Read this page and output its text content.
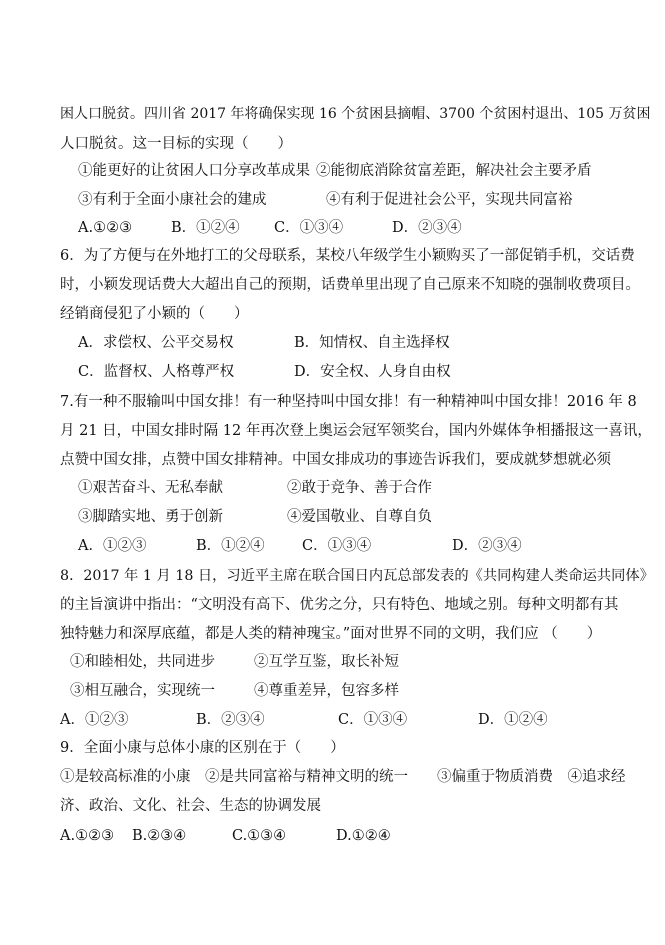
困人口脱贫。四川省 2017 年将确保实现 16 个贫困县摘帽、3700 个贫困村退出、105 万贫困
人口脱贫。这一目标的实现（　　）
①能更好的让贫困人口分享改革成果 ②能彻底消除贫富差距，解决社会主要矛盾
③有利于全面小康社会的建成	④有利于促进社会公平，实现共同富裕
A.①②③	B．①②④ C．①③④	D．②③④
6．为了方便与在外地打工的父母联系，某校八年级学生小颖购买了一部促销手机，交话费
时，小颖发现话费大大超出自己的预期，话费单里出现了自己原来不知晓的强制收费项目。
经销商侵犯了小颖的（　　）
A．求偿权、公平交易权	B．知情权、自主选择权
C．监督权、人格尊严权	D．安全权、人身自由权
7.有一种不服输叫中国女排！有一种坚持叫中国女排！有一种精神叫中国女排！2016 年 8
月 21 日，中国女排时隔 12 年再次登上奥运会冠军领奖台，国内外媒体争相播报这一喜讯，
点赞中国女排，点赞中国女排精神。中国女排成功的事迹告诉我们，要成就梦想就必须
①艰苦奋斗、无私奉献	②敢于竞争、善于合作
③脚踏实地、勇于创新	④爱国敬业、自尊自负
A．①②③	B．①②④	C．①③④	D．②③④
8．2017 年 1 月 18 日，习近平主席在联合国日内瓦总部发表的《共同构建人类命运共同体》
的主旨演讲中指出：“文明没有高下、优劣之分，只有特色、地域之别。每种文明都有其
独特魅力和深厚底蕴，都是人类的精神瑰宝。”面对世界不同的文明，我们应 （　　）
①和睦相处，共同进步	②互学互鉴，取长补短
③相互融合，实现统一	④尊重差异，包容多样
A．①②③	B．②③④	C．①③④	D．①②④
9．全面小康与总体小康的区别在于（　　）
①是较高标准的小康　②是共同富裕与精神文明的统一　　③偏重于物质消费　④追求经
济、政治、文化、社会、生态的协调发展
A.①②③ B.②③④	C.①③④	D.①②④
